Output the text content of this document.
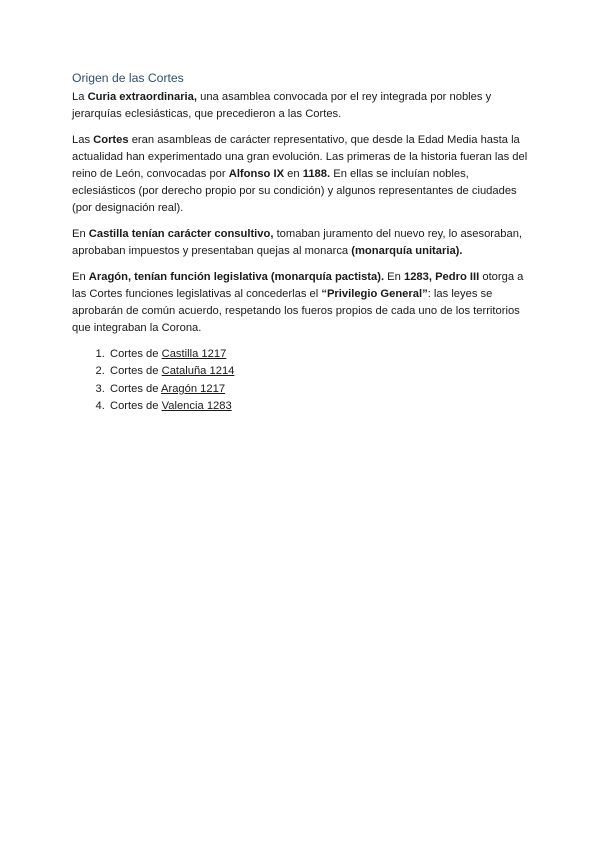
Origen de las Cortes

La Curia extraordinaria, una asamblea convocada por el rey integrada por nobles y jerarquías eclesiásticas, que precedieron a las Cortes.

Las Cortes eran asambleas de carácter representativo, que desde la Edad Media hasta la actualidad han experimentado una gran evolución. Las primeras de la historia fueran las del reino de León, convocadas por Alfonso IX en 1188. En ellas se incluían nobles, eclesiásticos (por derecho propio por su condición) y algunos representantes de ciudades (por designación real).

En Castilla tenían carácter consultivo, tomaban juramento del nuevo rey, lo asesoraban, aprobaban impuestos y presentaban quejas al monarca (monarquía unitaria).

En Aragón, tenían función legislativa (monarquía pactista). En 1283, Pedro III otorga a las Cortes funciones legislativas al concederlas el “Privilegio General”: las leyes se aprobarán de común acuerdo, respetando los fueros propios de cada uno de los territorios que integraban la Corona.

1. Cortes de Castilla 1217
2. Cortes de Cataluña 1214
3. Cortes de Aragón 1217
4. Cortes de Valencia 1283
